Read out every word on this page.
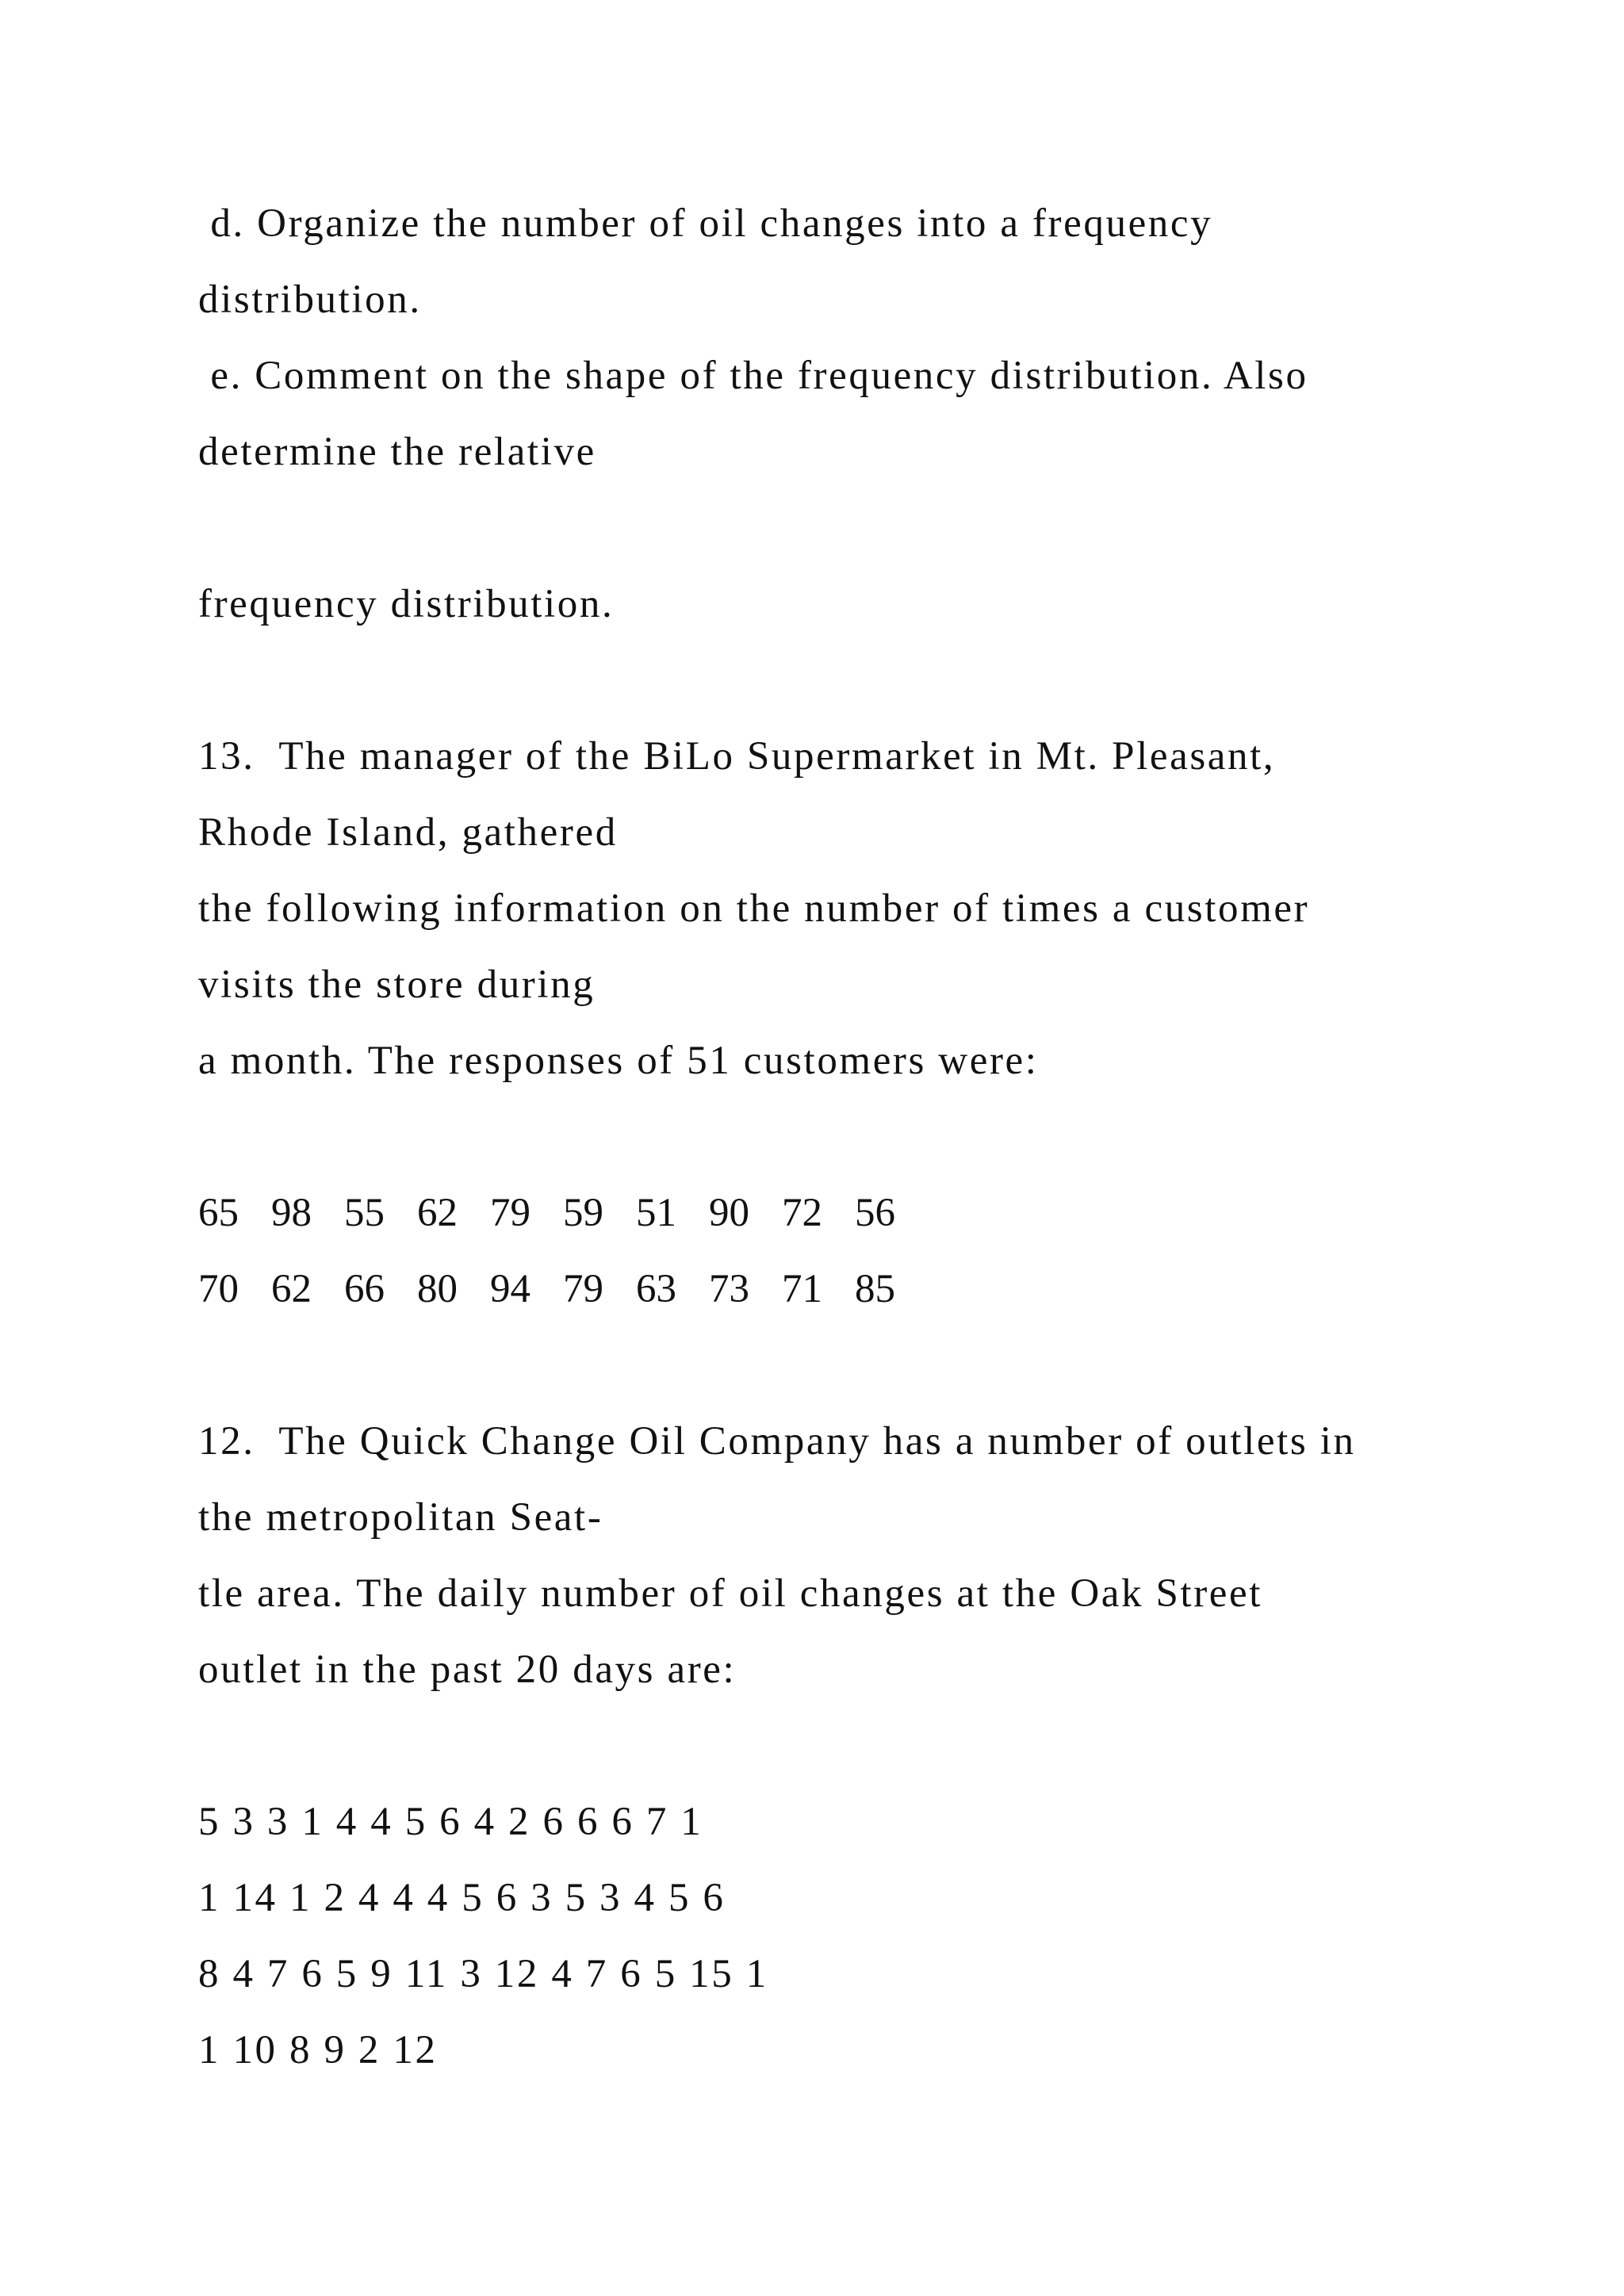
d. Organize the number of oil changes into a frequency
distribution.
e. Comment on the shape of the frequency distribution. Also
determine the relative
frequency distribution.
13.  The manager of the BiLo Supermarket in Mt. Pleasant,
Rhode Island, gathered
the following information on the number of times a customer
visits the store during
a month. The responses of 51 customers were:
65 98 55 62 79 59 51 90 72 56
70 62 66 80 94 79 63 73 71 85
12.  The Quick Change Oil Company has a number of outlets in
the metropolitan Seat-
tle area. The daily number of oil changes at the Oak Street
outlet in the past 20 days are:
5 3 3 1 4 4 5 6 4 2 6 6 6 7 1
1 14 1 2 4 4 4 5 6 3 5 3 4 5 6
8 4 7 6 5 9 11 3 12 4 7 6 5 15 1
1 10 8 9 2 12
